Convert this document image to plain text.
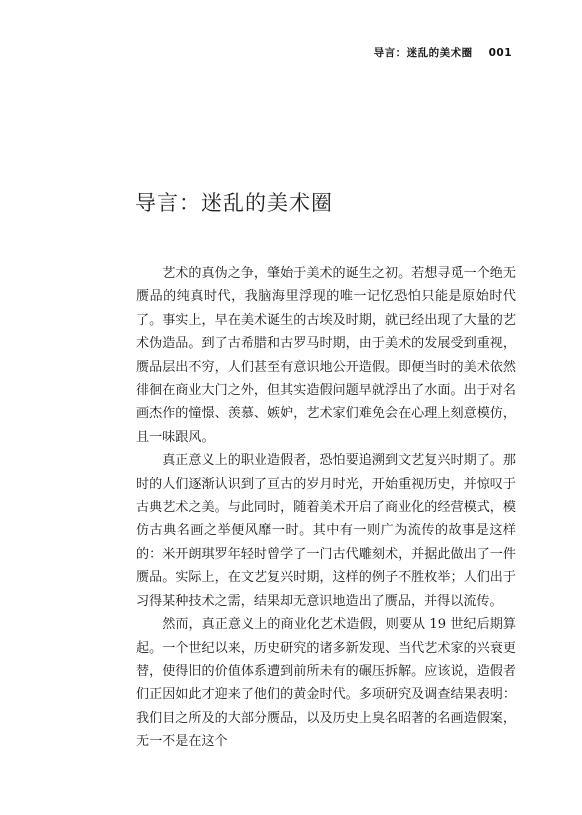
导言：迷乱的美术圈 001
导言：迷乱的美术圈

艺术的真伪之争，肇始于美术的诞生之初。若想寻觅一个绝无赝品的纯真时代，我脑海里浮现的唯一记忆恐怕只能是原始时代了。事实上，早在美术诞生的古埃及时期，就已经出现了大量的艺术伪造品。到了古希腊和古罗马时期，由于美术的发展受到重视，赝品层出不穷，人们甚至有意识地公开造假。即便当时的美术依然徘徊在商业大门之外，但其实造假问题早就浮出了水面。出于对名画杰作的憧憬、羡慕、嫉妒，艺术家们难免会在心理上刻意模仿，且一味跟风。

真正意义上的职业造假者，恐怕要追溯到文艺复兴时期了。那时的人们逐渐认识到了亘古的岁月时光，开始重视历史，并惊叹于古典艺术之美。与此同时，随着美术开启了商业化的经营模式，模仿古典名画之举便风靡一时。其中有一则广为流传的故事是这样的：米开朗琪罗年轻时曾学了一门古代雕刻术，并据此做出了一件赝品。实际上，在文艺复兴时期，这样的例子不胜枚举；人们出于习得某种技术之需，结果却无意识地造出了赝品，并得以流传。

然而，真正意义上的商业化艺术造假，则要从 19 世纪后期算起。一个世纪以来，历史研究的诸多新发现、当代艺术家的兴衰更替，使得旧的价值体系遭到前所未有的碾压拆解。应该说，造假者们正因如此才迎来了他们的黄金时代。多项研究及调查结果表明：我们目之所及的大部分赝品，以及历史上臭名昭著的名画造假案，无一不是在这个
